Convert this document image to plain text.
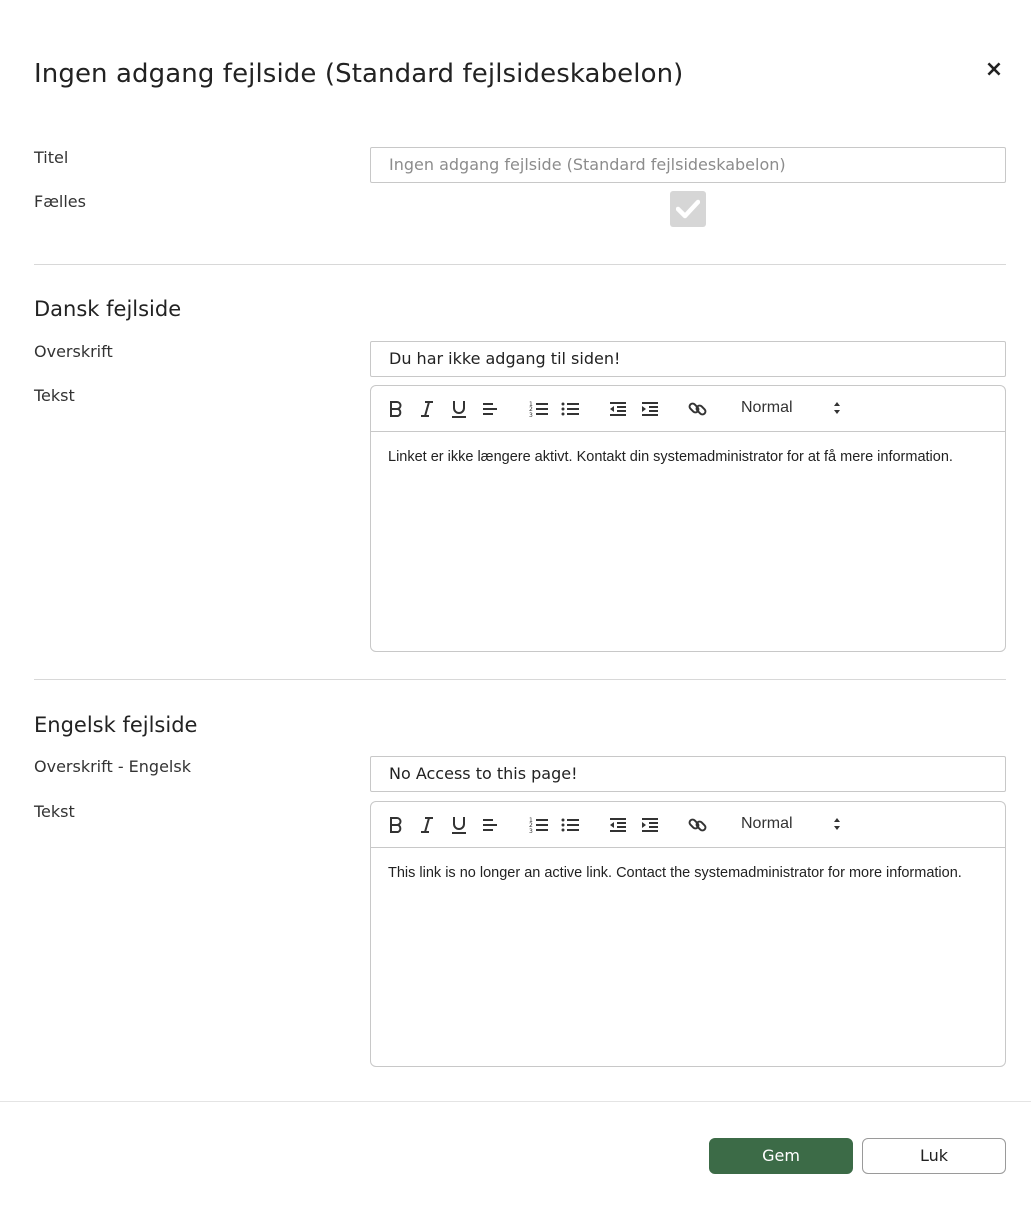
Ingen adgang fejlside (Standard fejlsideskabelon)	×
Titel	Ingen adgang fejlside (Standard fejlsideskabelon)
Fælles
Dansk fejlside
Overskrift	Du har ikke adgang til siden!
Tekst	1
2
3	Normal
Linket er ikke længere aktivt. Kontakt din systemadministrator for at få mere information.
Engelsk fejlside
Overskrift - Engelsk	No Access to this page!
Tekst	1
2
3	Normal
This link is no longer an active link. Contact the systemadministrator for more information.
Gem	Luk
